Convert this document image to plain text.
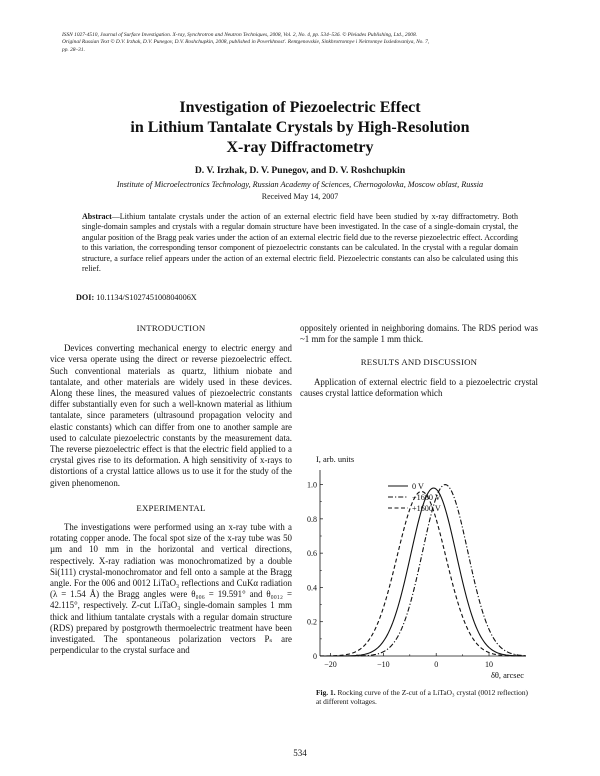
ISSN 1027-4510, Journal of Surface Investigation. X-ray, Synchrotron and Neutron Techniques, 2008, Vol. 2, No. 4, pp. 534–536. © Pleiades Publishing, Ltd., 2008.
Original Russian Text © D.V. Irzhak, D.V. Punegov, D.V. Roshchupkin, 2008, published in Poverkhnost'. Rentgenovskie, Sinkhrotronnye i Neitronnye Issledovaniya, No. 7,
pp. 28–31.
Investigation of Piezoelectric Effect
in Lithium Tantalate Crystals by High-Resolution
X-ray Diffractometry
D. V. Irzhak, D. V. Punegov, and D. V. Roshchupkin
Institute of Microelectronics Technology, Russian Academy of Sciences, Chernogolovka, Moscow oblast, Russia
Received May 14, 2007
Abstract—Lithium tantalate crystals under the action of an external electric field have been studied by x-ray diffractometry. Both single-domain samples and crystals with a regular domain structure have been investigated. In the case of a single-domain crystal, the angular position of the Bragg peak varies under the action of an external electric field due to the reverse piezoelectric effect. According to this variation, the corresponding tensor component of piezoelectric constants can be calculated. In the crystal with a regular domain structure, a surface relief appears under the action of an external electric field. Piezoelectric constants can also be calculated using this relief.
DOI: 10.1134/S102745100804006X
INTRODUCTION

Devices converting mechanical energy to electric energy and vice versa operate using the direct or reverse piezoelectric effect. Such conventional materials as quartz, lithium niobate and tantalate, and other materials are widely used in these devices. Along these lines, the measured values of piezoelectric constants differ substantially even for such a well-known material as lithium tantalate, since parameters (ultrasound propagation velocity and elastic constants) which can differ from one to another sample are used to calculate piezoelectric constants by the measurement data. The reverse piezoelectric effect is that the electric field applied to a crystal gives rise to its deformation. A high sensitivity of x-rays to distortions of a crystal lattice allows us to use it for the study of the given phenomenon.

EXPERIMENTAL

The investigations were performed using an x-ray tube with a rotating copper anode. The focal spot size of the x-ray tube was 50 µm and 10 mm in the horizontal and vertical directions, respectively. X-ray radiation was monochromatized by a double Si(111) crystal-monochromator and fell onto a sample at the Bragg angle. For the 006 and 0012 LiTaO₃ reflections and CuKα radiation (λ = 1.54 Å) the Bragg angles were θ₀₀₆ = 19.591° and θ₀₀₁₂ = 42.115°, respectively. Z-cut LiTaO₃ single-domain samples 1 mm thick and lithium tantalate crystals with a regular domain structure (RDS) prepared by postgrowth thermoelectric treatment have been investigated. The spontaneous polarization vectors Pₛ are perpendicular to the crystal surface and

oppositely oriented in neighboring domains. The RDS period was ~1 mm for the sample 1 mm thick.

RESULTS AND DISCUSSION

Application of external electric field to a piezoelectric crystal causes crystal lattice deformation which

0
0.2
0.4
0.6
0.8
1.0
−20	−10	0	10
I, arb. units
δθ, arcsec
0 V
−1600 V
+1600 V
Fig. 1. Rocking curve of the Z-cut of a LiTaO₃ crystal (0012 reflection) at different voltages.
534
